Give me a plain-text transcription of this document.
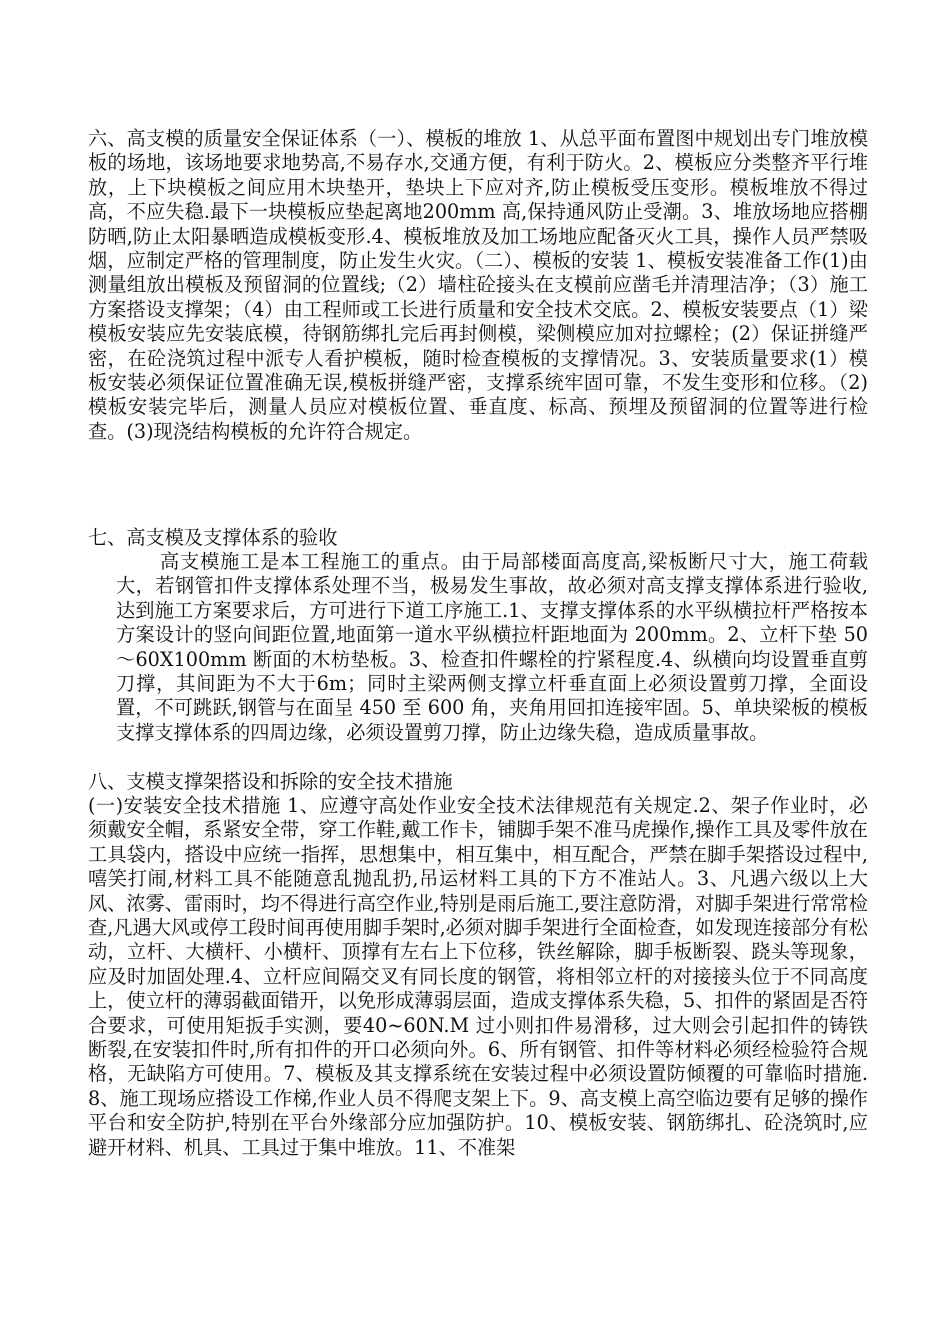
六、高支模的质量安全保证体系（一）、模板的堆放 1、从总平面布置图中规划出专门堆放模板的场地，该场地要求地势高,不易存水,交通方便，有利于防火。2、模板应分类整齐平行堆放，上下块模板之间应用木块垫开，垫块上下应对齐,防止模板受压变形。模板堆放不得过高，不应失稳.最下一块模板应垫起离地200mm 高,保持通风防止受潮。3、堆放场地应搭棚防晒,防止太阳暴晒造成模板变形.4、模板堆放及加工场地应配备灭火工具，操作人员严禁吸烟，应制定严格的管理制度，防止发生火灾。（二）、模板的安装 1、模板安装准备工作(1)由测量组放出模板及预留洞的位置线;（2）墙柱砼接头在支模前应凿毛并清理洁净；（3）施工方案搭设支撑架；（4）由工程师或工长进行质量和安全技术交底。2、模板安装要点（1）梁模板安装应先安装底模，待钢筋绑扎完后再封侧模，梁侧模应加对拉螺栓；(2）保证拼缝严密，在砼浇筑过程中派专人看护模板，随时检查模板的支撑情况。3、安装质量要求(1）模板安装必须保证位置准确无误,模板拼缝严密，支撑系统牢固可靠，不发生变形和位移。（2)模板安装完毕后，测量人员应对模板位置、垂直度、标高、预埋及预留洞的位置等进行检查。(3)现浇结构模板的允许符合规定。

七、高支模及支撑体系的验收

高支模施工是本工程施工的重点。由于局部楼面高度高,梁板断尺寸大，施工荷载大，若钢管扣件支撑体系处理不当，极易发生事故，故必须对高支撑支撑体系进行验收,达到施工方案要求后，方可进行下道工序施工.1、支撑支撑体系的水平纵横拉杆严格按本方案设计的竖向间距位置,地面第一道水平纵横拉杆距地面为 200mm。2、立杆下垫 50～60X100mm 断面的木枋垫板。3、检查扣件螺栓的拧紧程度.4、纵横向均设置垂直剪刀撑，其间距为不大于6m；同时主梁两侧支撑立杆垂直面上必须设置剪刀撑，全面设置，不可跳跃,钢管与在面呈 450 至 600 角，夹角用回扣连接牢固。5、单块梁板的模板支撑支撑体系的四周边缘，必须设置剪刀撑，防止边缘失稳，造成质量事故。

八、支模支撑架搭设和拆除的安全技术措施

(一)安装安全技术措施 1、应遵守高处作业安全技术法律规范有关规定.2、架子作业时，必须戴安全帽，系紧安全带，穿工作鞋,戴工作卡，铺脚手架不准马虎操作,操作工具及零件放在工具袋内，搭设中应统一指挥，思想集中，相互集中，相互配合，严禁在脚手架搭设过程中,嘻笑打闹,材料工具不能随意乱抛乱扔,吊运材料工具的下方不准站人。3、凡遇六级以上大风、浓雾、雷雨时，均不得进行高空作业,特别是雨后施工,要注意防滑，对脚手架进行常常检查,凡遇大风或停工段时间再使用脚手架时,必须对脚手架进行全面检查，如发现连接部分有松动，立杆、大横杆、小横杆、顶撑有左右上下位移，铁丝解除，脚手板断裂、跷头等现象，应及时加固处理.4、立杆应间隔交叉有同长度的钢管，将相邻立杆的对接接头位于不同高度上，使立杆的薄弱截面错开，以免形成薄弱层面，造成支撑体系失稳，5、扣件的紧固是否符合要求，可使用矩扳手实测，要40~60N.M 过小则扣件易滑移，过大则会引起扣件的铸铁断裂,在安装扣件时,所有扣件的开口必须向外。6、所有钢管、扣件等材料必须经检验符合规格，无缺陷方可使用。7、模板及其支撑系统在安装过程中必须设置防倾覆的可靠临时措施.8、施工现场应搭设工作梯,作业人员不得爬支架上下。9、高支模上高空临边要有足够的操作平台和安全防护,特别在平台外缘部分应加强防护。10、模板安装、钢筋绑扎、砼浇筑时,应避开材料、机具、工具过于集中堆放。11、不准架
